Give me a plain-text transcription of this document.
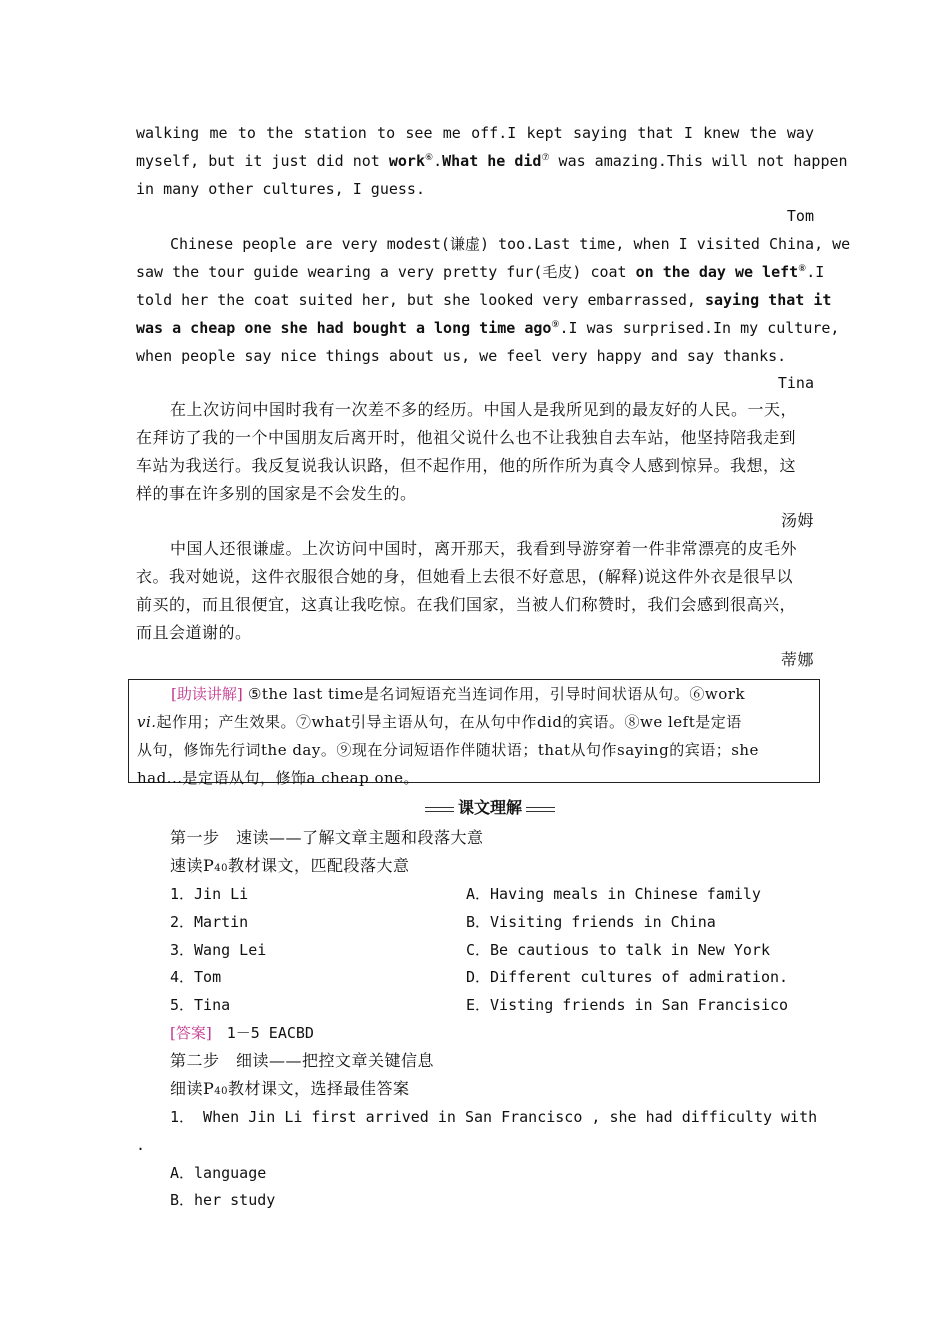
walking me to the station to see me off.I kept saying that I knew the way
myself, but it just did not work⑥.What he did⑦ was amazing.This will not happen
in many other cultures, I guess.
Tom
Chinese people are very modest(谦虚) too.Last time, when I visited China, we
saw the tour guide wearing a very pretty fur(毛皮) coat on the day we left⑧.I
told her the coat suited her, but she looked very embarrassed, saying that it
was a cheap one she had bought a long time ago⑨.I was surprised.In my culture,
when people say nice things about us, we feel very happy and say thanks.
Tina
在上次访问中国时我有一次差不多的经历。中国人是我所见到的最友好的人民。一天，
在拜访了我的一个中国朋友后离开时，他祖父说什么也不让我独自去车站，他坚持陪我走到
车站为我送行。我反复说我认识路，但不起作用，他的所作所为真令人感到惊异。我想，这
样的事在许多别的国家是不会发生的。
汤姆
中国人还很谦虚。上次访问中国时，离开那天，我看到导游穿着一件非常漂亮的皮毛外
衣。我对她说，这件衣服很合她的身，但她看上去很不好意思，(解释)说这件外衣是很早以
前买的，而且很便宜，这真让我吃惊。在我们国家，当被人们称赞时，我们会感到很高兴，
而且会道谢的。
蒂娜
[助读讲解] ⑤the last time是名词短语充当连词作用，引导时间状语从句。⑥work
vi.起作用；产生效果。⑦what引导主语从句，在从句中作did的宾语。⑧we left是定语
从句，修饰先行词the day。⑨现在分词短语作伴随状语；that从句作saying的宾语；she
had...是定语从句，修饰a cheap one。
课文理解
第一步　速读——了解文章主题和段落大意
速读P40教材课文，匹配段落大意
1．Jin Li
2．Martin
3．Wang Lei
4．Tom
5．Tina
A．Having meals in Chinese family
B．Visiting friends in China
C．Be cautious to talk in New York
D．Different cultures of admiration.
E．Visting friends in San Francisico
[答案]　1－5 EACBD
第二步　细读——把控文章关键信息
细读P40教材课文，选择最佳答案
1． When Jin Li first arrived in San Francisco , she had difficulty with
.
A．language
B．her study
